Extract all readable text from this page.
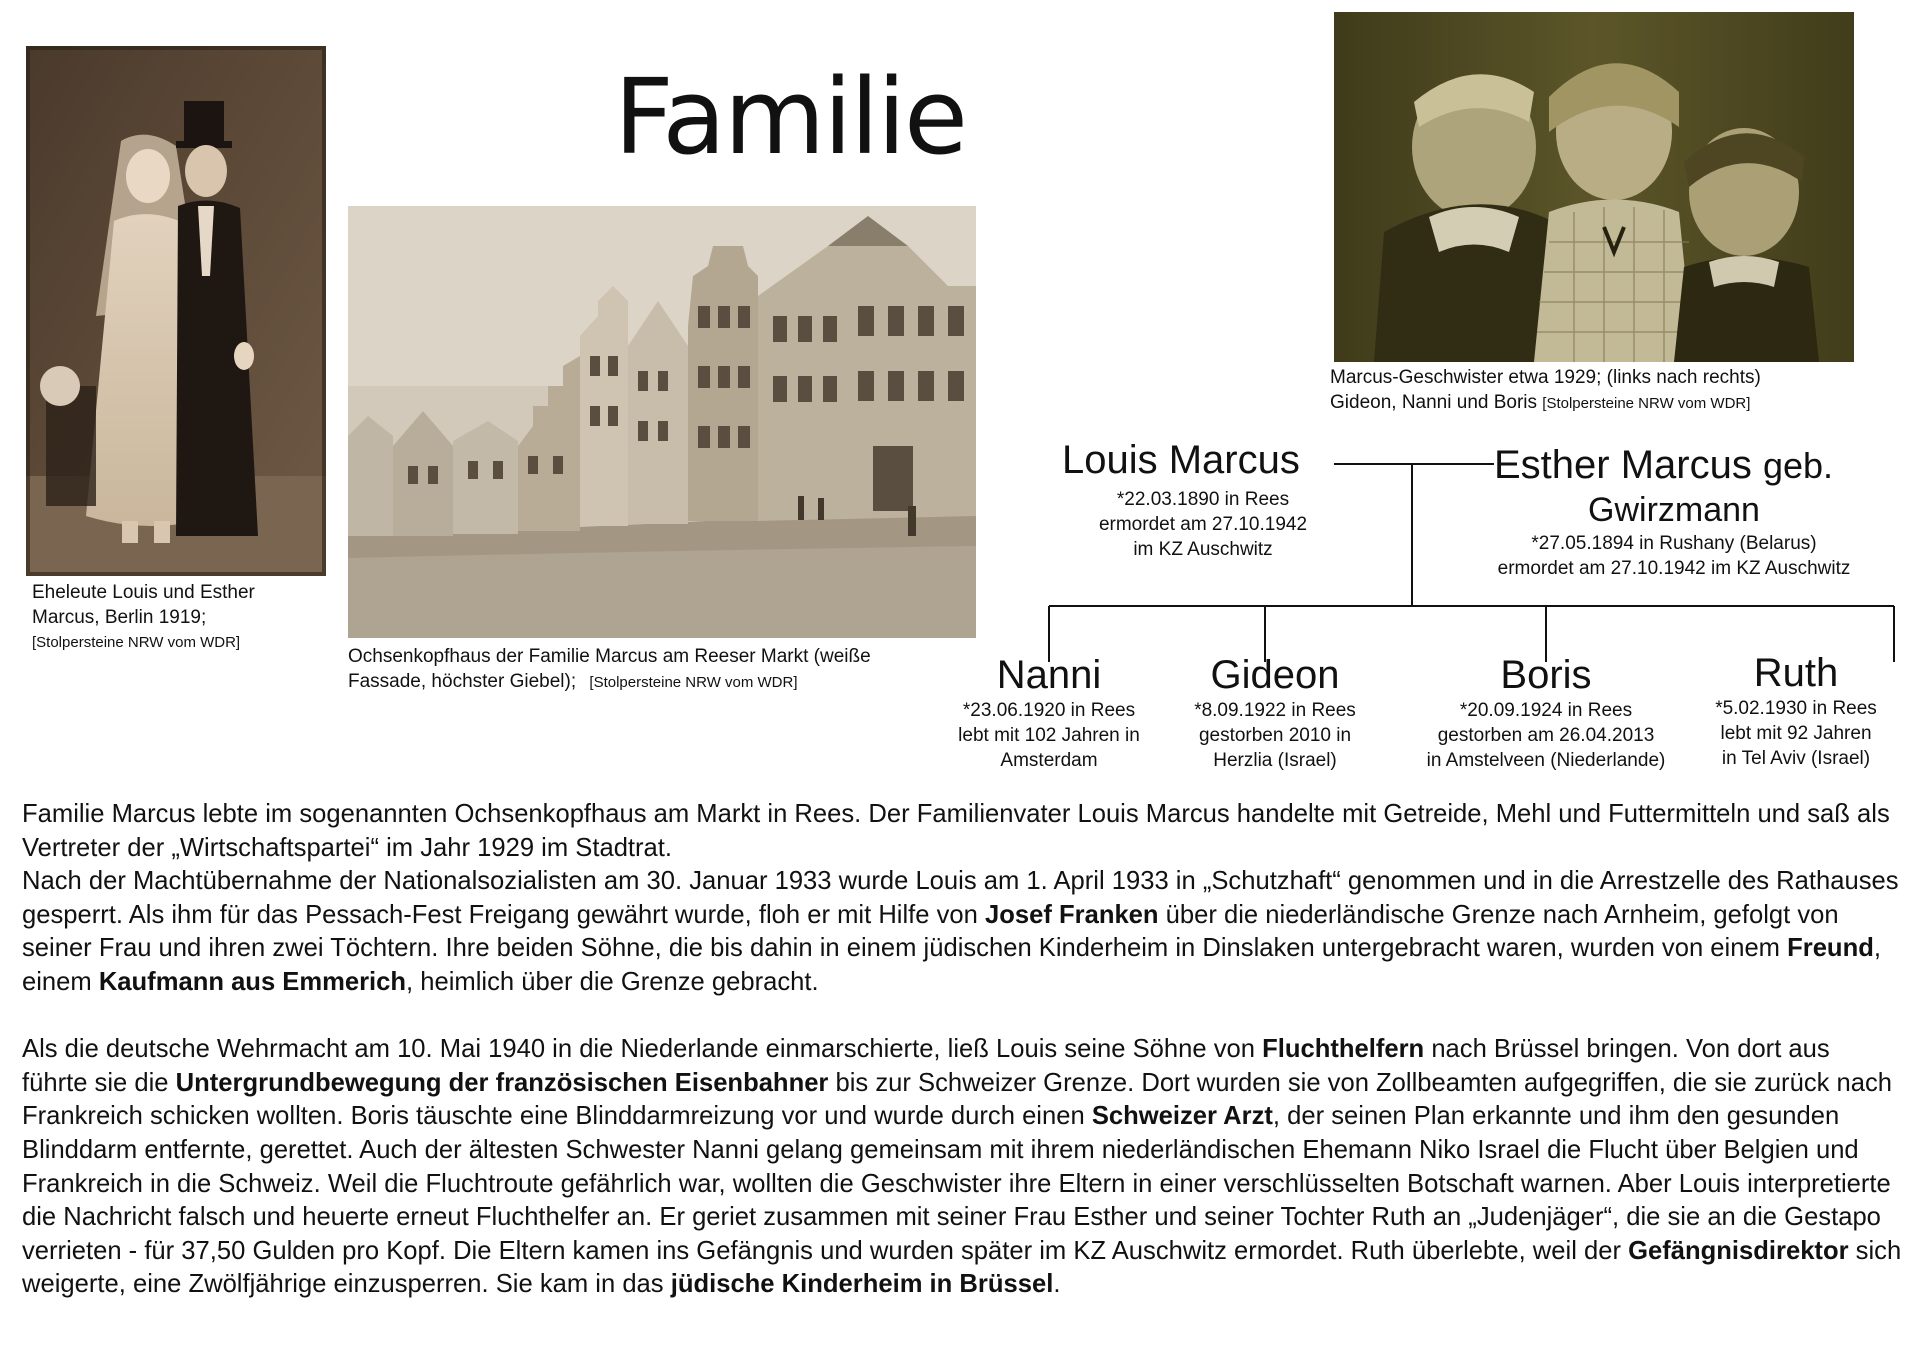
Familie
Eheleute Louis und Esther
Marcus, Berlin 1919;
[Stolpersteine NRW vom WDR]
Ochsenkopfhaus der Familie Marcus am Reeser Markt (weiße
Fassade, höchster Giebel); [Stolpersteine NRW vom WDR]
Marcus-Geschwister etwa 1929; (links nach rechts)
Gideon, Nanni und Boris [Stolpersteine NRW vom WDR]
Louis Marcus
*22.03.1890 in Rees
ermordet am 27.10.1942
im KZ Auschwitz
Esther Marcus geb.
Gwirzmann
*27.05.1894 in Rushany (Belarus)
ermordet am 27.10.1942 im KZ Auschwitz
Nanni
*23.06.1920 in Rees
lebt mit 102 Jahren in
Amsterdam
Gideon
*8.09.1922 in Rees
gestorben 2010 in
Herzlia (Israel)
Boris
*20.09.1924 in Rees
gestorben am 26.04.2013
in Amstelveen (Niederlande)
Ruth
*5.02.1930 in Rees
lebt mit 92 Jahren
in Tel Aviv (Israel)

Familie Marcus lebte im sogenannten Ochsenkopfhaus am Markt in Rees. Der Familienvater Louis Marcus handelte mit Getreide, Mehl und Futtermitteln und saß als Vertreter der „Wirtschaftspartei“ im Jahr 1929 im Stadtrat.

Nach der Machtübernahme der Nationalsozialisten am 30. Januar 1933 wurde Louis am 1. April 1933 in „Schutzhaft“ genommen und in die Arrestzelle des Rathauses gesperrt. Als ihm für das Pessach-Fest Freigang gewährt wurde, floh er mit Hilfe von Josef Franken über die niederländische Grenze nach Arnheim, gefolgt von seiner Frau und ihren zwei Töchtern. Ihre beiden Söhne, die bis dahin in einem jüdischen Kinderheim in Dinslaken untergebracht waren, wurden von einem Freund, einem Kaufmann aus Emmerich, heimlich über die Grenze gebracht.

Als die deutsche Wehrmacht am 10. Mai 1940 in die Niederlande einmarschierte, ließ Louis seine Söhne von Fluchthelfern nach Brüssel bringen. Von dort aus führte sie die Untergrundbewegung der französischen Eisenbahner bis zur Schweizer Grenze. Dort wurden sie von Zollbeamten aufgegriffen, die sie zurück nach Frankreich schicken wollten. Boris täuschte eine Blinddarmreizung vor und wurde durch einen Schweizer Arzt, der seinen Plan erkannte und ihm den gesunden Blinddarm entfernte, gerettet. Auch der ältesten Schwester Nanni gelang gemeinsam mit ihrem niederländischen Ehemann Niko Israel die Flucht über Belgien und Frankreich in die Schweiz. Weil die Fluchtroute gefährlich war, wollten die Geschwister ihre Eltern in einer verschlüsselten Botschaft warnen. Aber Louis interpretierte die Nachricht falsch und heuerte erneut Fluchthelfer an. Er geriet zusammen mit seiner Frau Esther und seiner Tochter Ruth an „Judenjäger“, die sie an die Gestapo verrieten - für 37,50 Gulden pro Kopf. Die Eltern kamen ins Gefängnis und wurden später im KZ Auschwitz ermordet. Ruth überlebte, weil der Gefängnisdirektor sich weigerte, eine Zwölfjährige einzusperren. Sie kam in das jüdische Kinderheim in Brüssel.
